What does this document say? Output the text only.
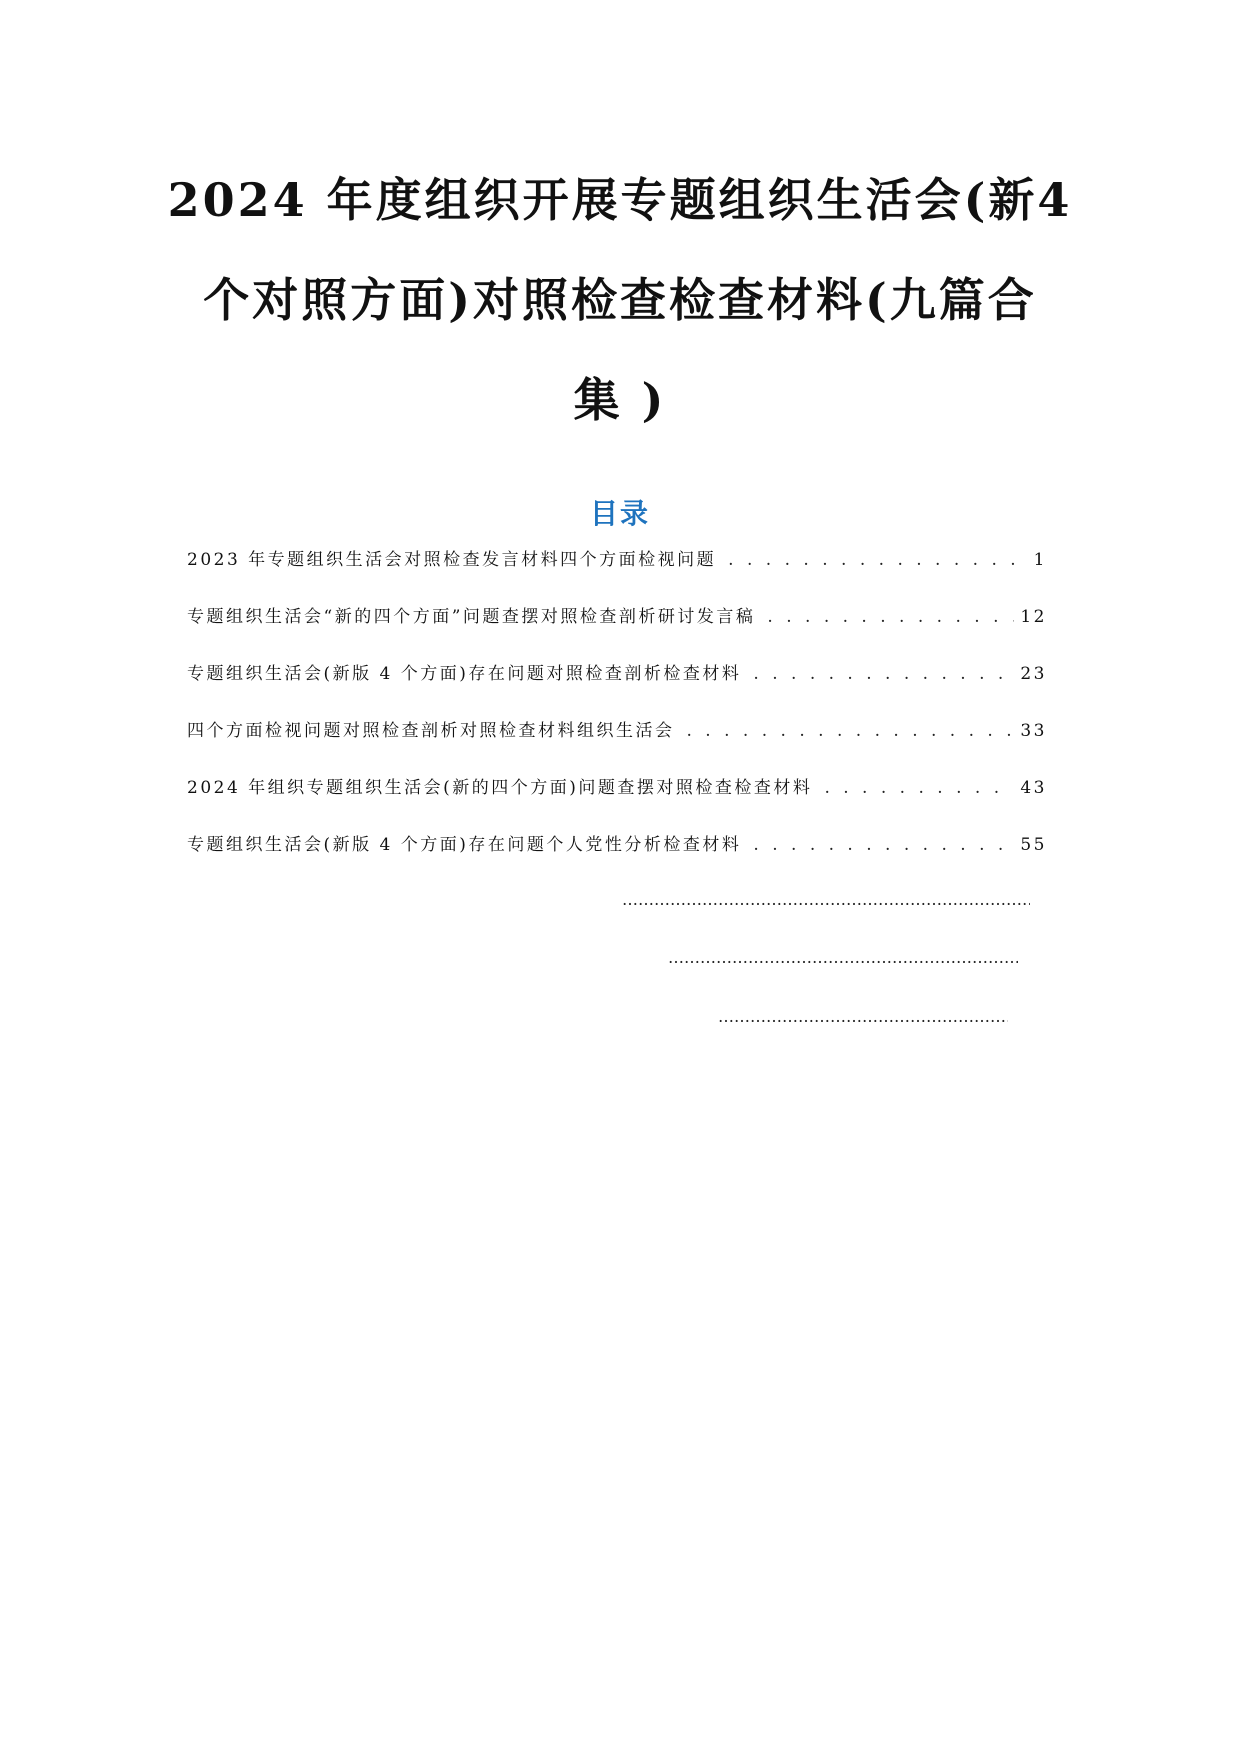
2024 年度组织开展专题组织生活会(新4
个对照方面)对照检查检查材料(九篇合
集 )
目录
2023 年专题组织生活会对照检查发言材料四个方面检视问题 . . .	1
专题组织生活会“新的四个方面”问题查摆对照检查剖析研讨发言稿 . . .	12
专题组织生活会(新版 4 个方面)存在问题对照检查剖析检查材料 . . .	23
四个方面检视问题对照检查剖析对照检查材料组织生活会 . . .	33
2024 年组织专题组织生活会(新的四个方面)问题查摆对照检查检查材料 . . .	43
专题组织生活会(新版 4 个方面)存在问题个人党性分析检查材料 . . .	55
………………………………………………………………………………………………
………………………………………………………………………………………………
………………………………………………………………………………………………
